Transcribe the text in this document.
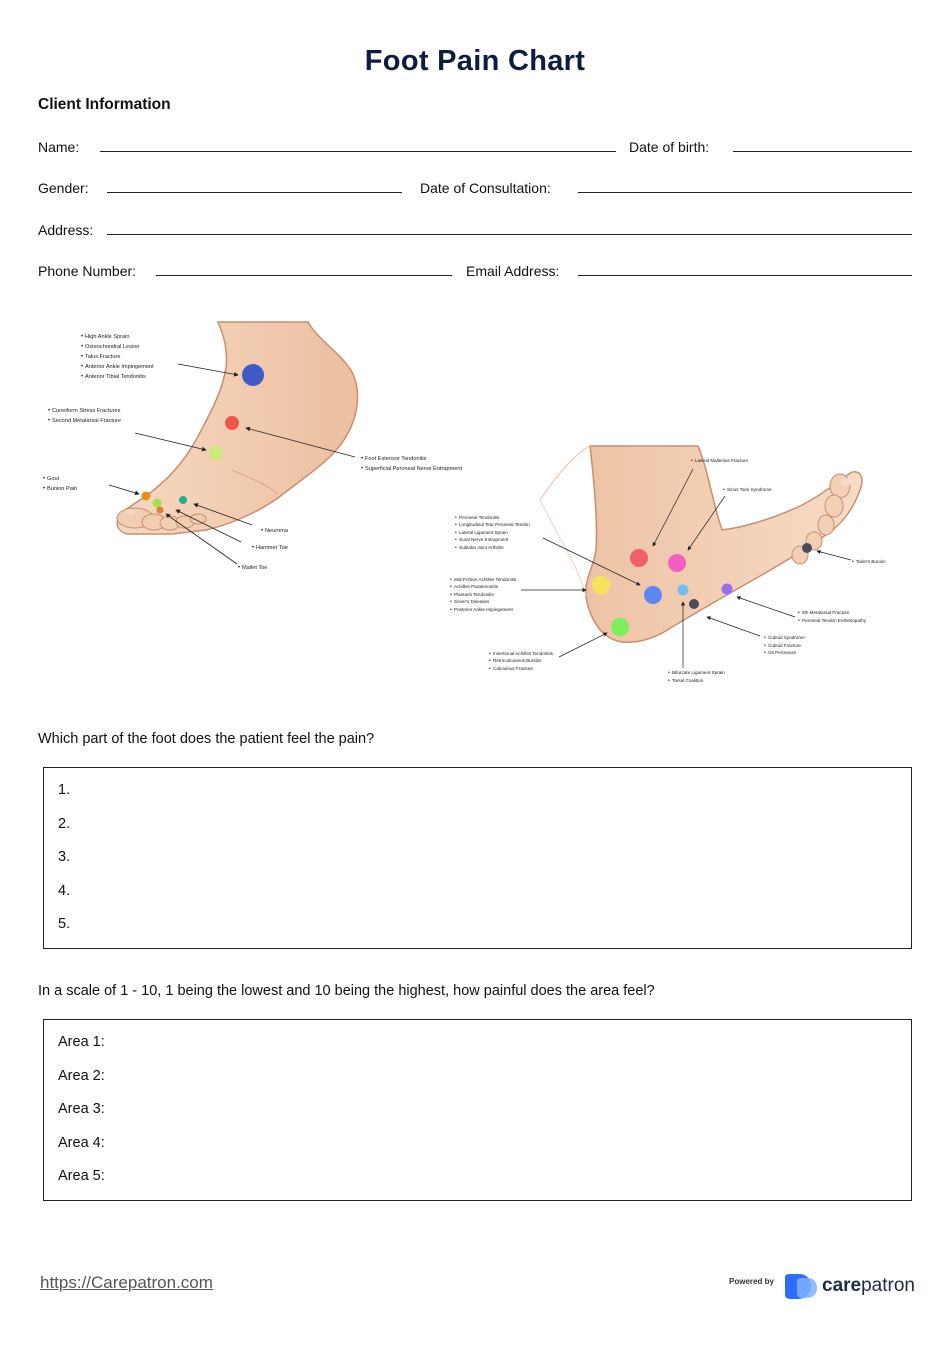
Foot Pain Chart
Client Information
Name:	Date of birth:
Gender:	Date of Consultation:
Address:
Phone Number:	Email Address:
High Ankle Sprain
Osteochondral Lesion
Talus Fracture
Anterior Ankle Impingement
Anterior Tibial Tendonitis
Cuneiform Stress Fractures
Second Metatarsal Fracture
Foot Extensor Tendonitis
Superficial Peroneal Nerve Entrapment
Gout
Bunion Pain
Neuroma
Hammer Toe
Mallet Toe
•
•
•
•
•
•
•
•
•
•
•
•
•
•
Lateral Malleolus Fracture
Sinus Tarsi Syndrome
Tailor's Bunion
Peroneal Tendonitis
Longitudinal Tear Peroneal Tendon
Lateral Ligament Sprain
Sural Nerve Entrapment
Subtalar Joint Arthritis
Mid-Portion Achilles Tendonitis
Achilles Paratenonitis
Plantaris Tendonitis
Sever's Diseases
Posterior Ankle Impingement
Insertional Achilles Tendonitis
Retrocalcaneus Bursitis
Calcaneus Fracture
Bifurcate Ligament Sprain
Tarsal Coalition
Cuboid Syndrome
Cuboid Fracture
Os Peroneum
5th Metatarsal Fracture
Peroneal Tendon Enthesopathy
•
•
•
•
•
•
•
•
•
•
•
•
•
•
•
•
•
•
•
•
•
•
•
Which part of the foot does the patient feel the pain?
1.
2.
3.
4.
5.
In a scale of 1 - 10, 1 being the lowest and 10 being the highest, how painful does the area feel?
Area 1:
Area 2:
Area 3:
Area 4:
Area 5:
https://Carepatron.com	Powered by	carepatron
